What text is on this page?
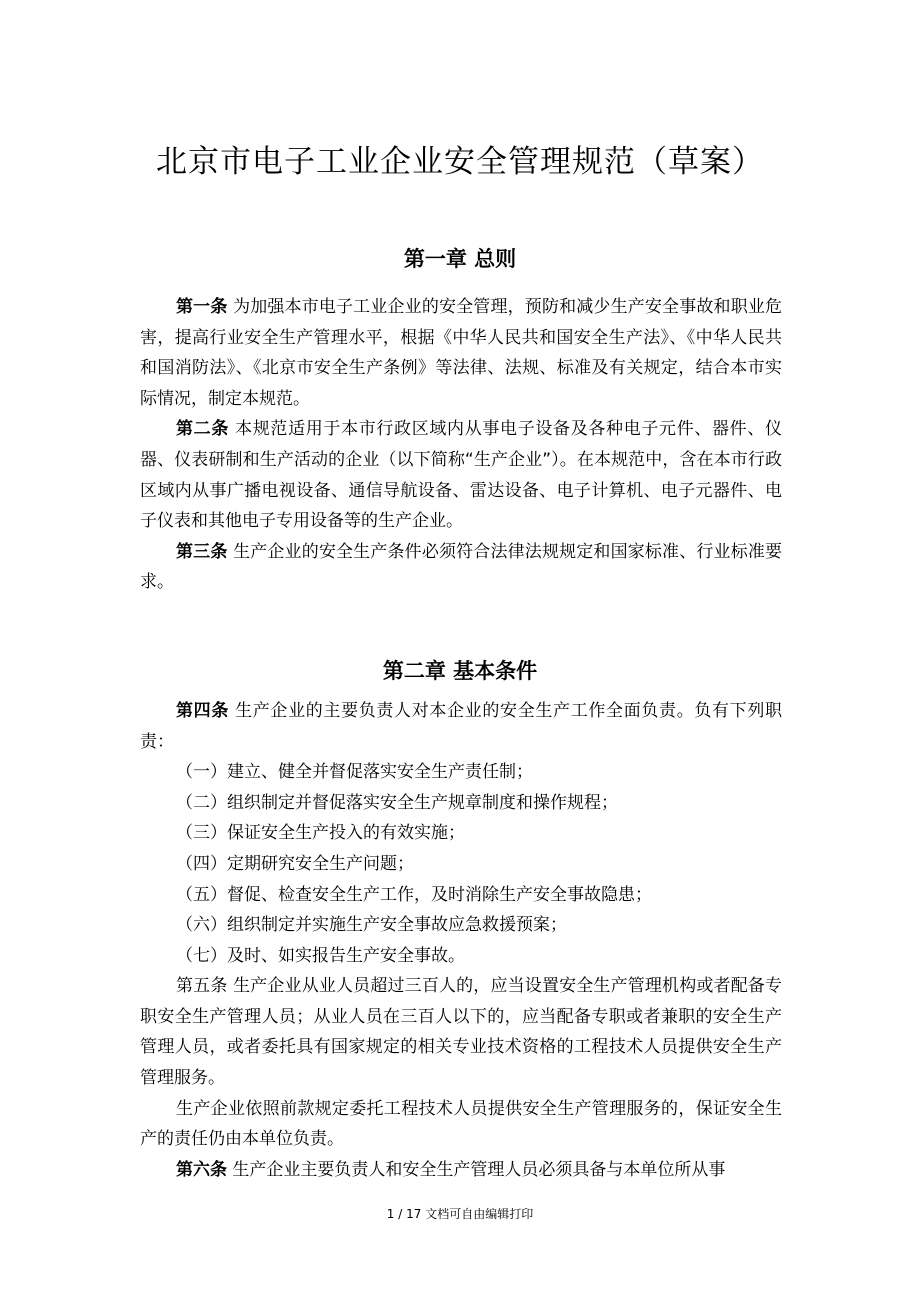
北京市电子工业企业安全管理规范（草案）
第一章 总则

第一条 为加强本市电子工业企业的安全管理，预防和减少生产安全事故和职业危害，提高行业安全生产管理水平，根据《中华人民共和国安全生产法》、《中华人民共和国消防法》、《北京市安全生产条例》等法律、法规、标准及有关规定，结合本市实际情况，制定本规范。

第二条 本规范适用于本市行政区域内从事电子设备及各种电子元件、器件、仪器、仪表研制和生产活动的企业（以下简称“生产企业”）。在本规范中，含在本市行政区域内从事广播电视设备、通信导航设备、雷达设备、电子计算机、电子元器件、电子仪表和其他电子专用设备等的生产企业。

第三条 生产企业的安全生产条件必须符合法律法规规定和国家标准、行业标准要求。

第二章 基本条件

第四条 生产企业的主要负责人对本企业的安全生产工作全面负责。负有下列职责：

（一）建立、健全并督促落实安全生产责任制；

（二）组织制定并督促落实安全生产规章制度和操作规程；

（三）保证安全生产投入的有效实施；

（四）定期研究安全生产问题；

（五）督促、检查安全生产工作，及时消除生产安全事故隐患；

（六）组织制定并实施生产安全事故应急救援预案；

（七）及时、如实报告生产安全事故。

第五条 生产企业从业人员超过三百人的，应当设置安全生产管理机构或者配备专职安全生产管理人员；从业人员在三百人以下的，应当配备专职或者兼职的安全生产管理人员，或者委托具有国家规定的相关专业技术资格的工程技术人员提供安全生产管理服务。

生产企业依照前款规定委托工程技术人员提供安全生产管理服务的，保证安全生产的责任仍由本单位负责。

第六条 生产企业主要负责人和安全生产管理人员必须具备与本单位所从事

1 / 17 文档可自由编辑打印
